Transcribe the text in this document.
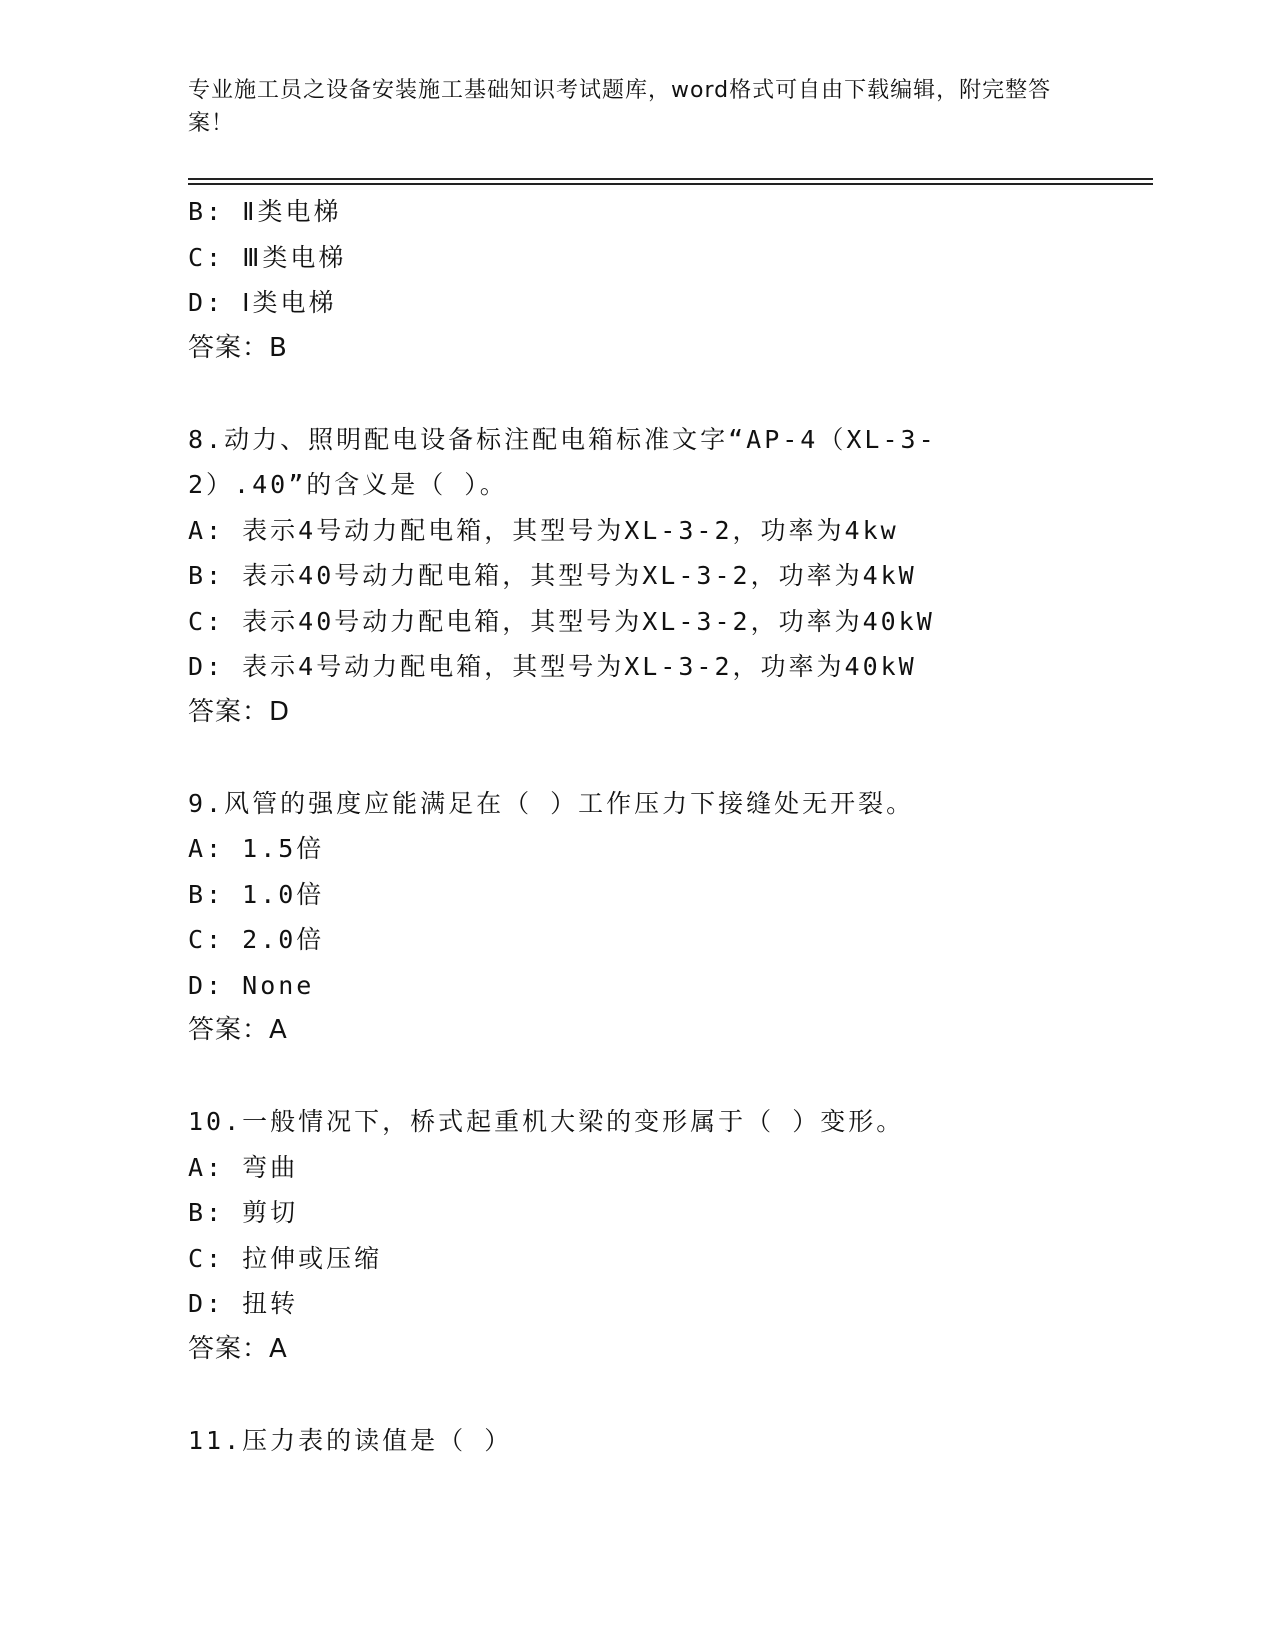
专业施工员之设备安装施工基础知识考试题库，word格式可自由下载编辑，附完整答案！
B: Ⅱ类电梯
C: Ⅲ类电梯
D: Ⅰ类电梯
答案：B
8.动力、照明配电设备标注配电箱标准文字“AP-4（XL-3-2）.40”的含义是（ ）。
A: 表示4号动力配电箱，其型号为XL-3-2，功率为4kw
B: 表示40号动力配电箱，其型号为XL-3-2，功率为4kW
C: 表示40号动力配电箱，其型号为XL-3-2，功率为40kW
D: 表示4号动力配电箱，其型号为XL-3-2，功率为40kW
答案：D
9.风管的强度应能满足在（ ）工作压力下接缝处无开裂。
A: 1.5倍
B: 1.0倍
C: 2.0倍
D: None
答案：A
10.一般情况下，桥式起重机大梁的变形属于（ ）变形。
A: 弯曲
B: 剪切
C: 拉伸或压缩
D: 扭转
答案：A
11.压力表的读值是（ ）
